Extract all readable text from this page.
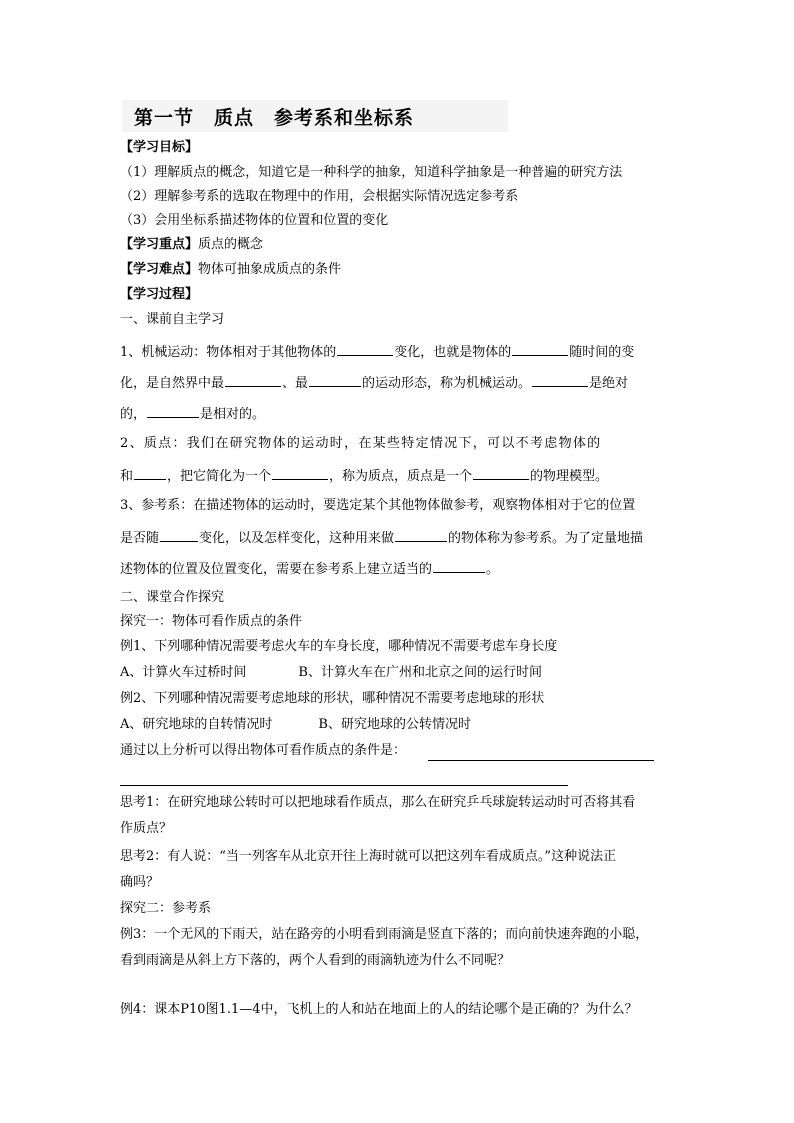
第一节　质点　参考系和坐标系
【学习目标】
（1）理解质点的概念，知道它是一种科学的抽象，知道科学抽象是一种普遍的研究方法
（2）理解参考系的选取在物理中的作用，会根据实际情况选定参考系
（3）会用坐标系描述物体的位置和位置的变化
【学习重点】质点的概念
【学习难点】物体可抽象成质点的条件
【学习过程】
一、课前自主学习
1、机械运动：物体相对于其他物体的	变化，也就是物体的	随时间的变
化，是自然界中最	、最	的运动形态，称为机械运动。	是绝对
的，	是相对的。
2、质点：我们在研究物体的运动时，在某些特定情况下，可以不考虑物体的
和	，把它简化为一个	，称为质点，质点是一个	的物理模型。
3、参考系：在描述物体的运动时，要选定某个其他物体做参考，观察物体相对于它的位置
是否随	变化，以及怎样变化，这种用来做	的物体称为参考系。为了定量地描
述物体的位置及位置变化，需要在参考系上建立适当的	。
二、课堂合作探究
探究一：物体可看作质点的条件
例1、下列哪种情况需要考虑火车的车身长度，哪种情况不需要考虑车身长度
A、计算火车过桥时间	B、计算火车在广州和北京之间的运行时间
例2、下列哪种情况需要考虑地球的形状，哪种情况不需要考虑地球的形状
A、研究地球的自转情况时	B、研究地球的公转情况时
通过以上分析可以得出物体可看作质点的条件是：
思考1：在研究地球公转时可以把地球看作质点，那么在研究乒乓球旋转运动时可否将其看
作质点？
思考2：有人说：“当一列客车从北京开往上海时就可以把这列车看成质点。”这种说法正
确吗？
探究二：参考系
例3：一个无风的下雨天，站在路旁的小明看到雨滴是竖直下落的；而向前快速奔跑的小聪，
看到雨滴是从斜上方下落的，两个人看到的雨滴轨迹为什么不同呢？
例4：课本P10图1.1—4中，飞机上的人和站在地面上的人的结论哪个是正确的？为什么？
